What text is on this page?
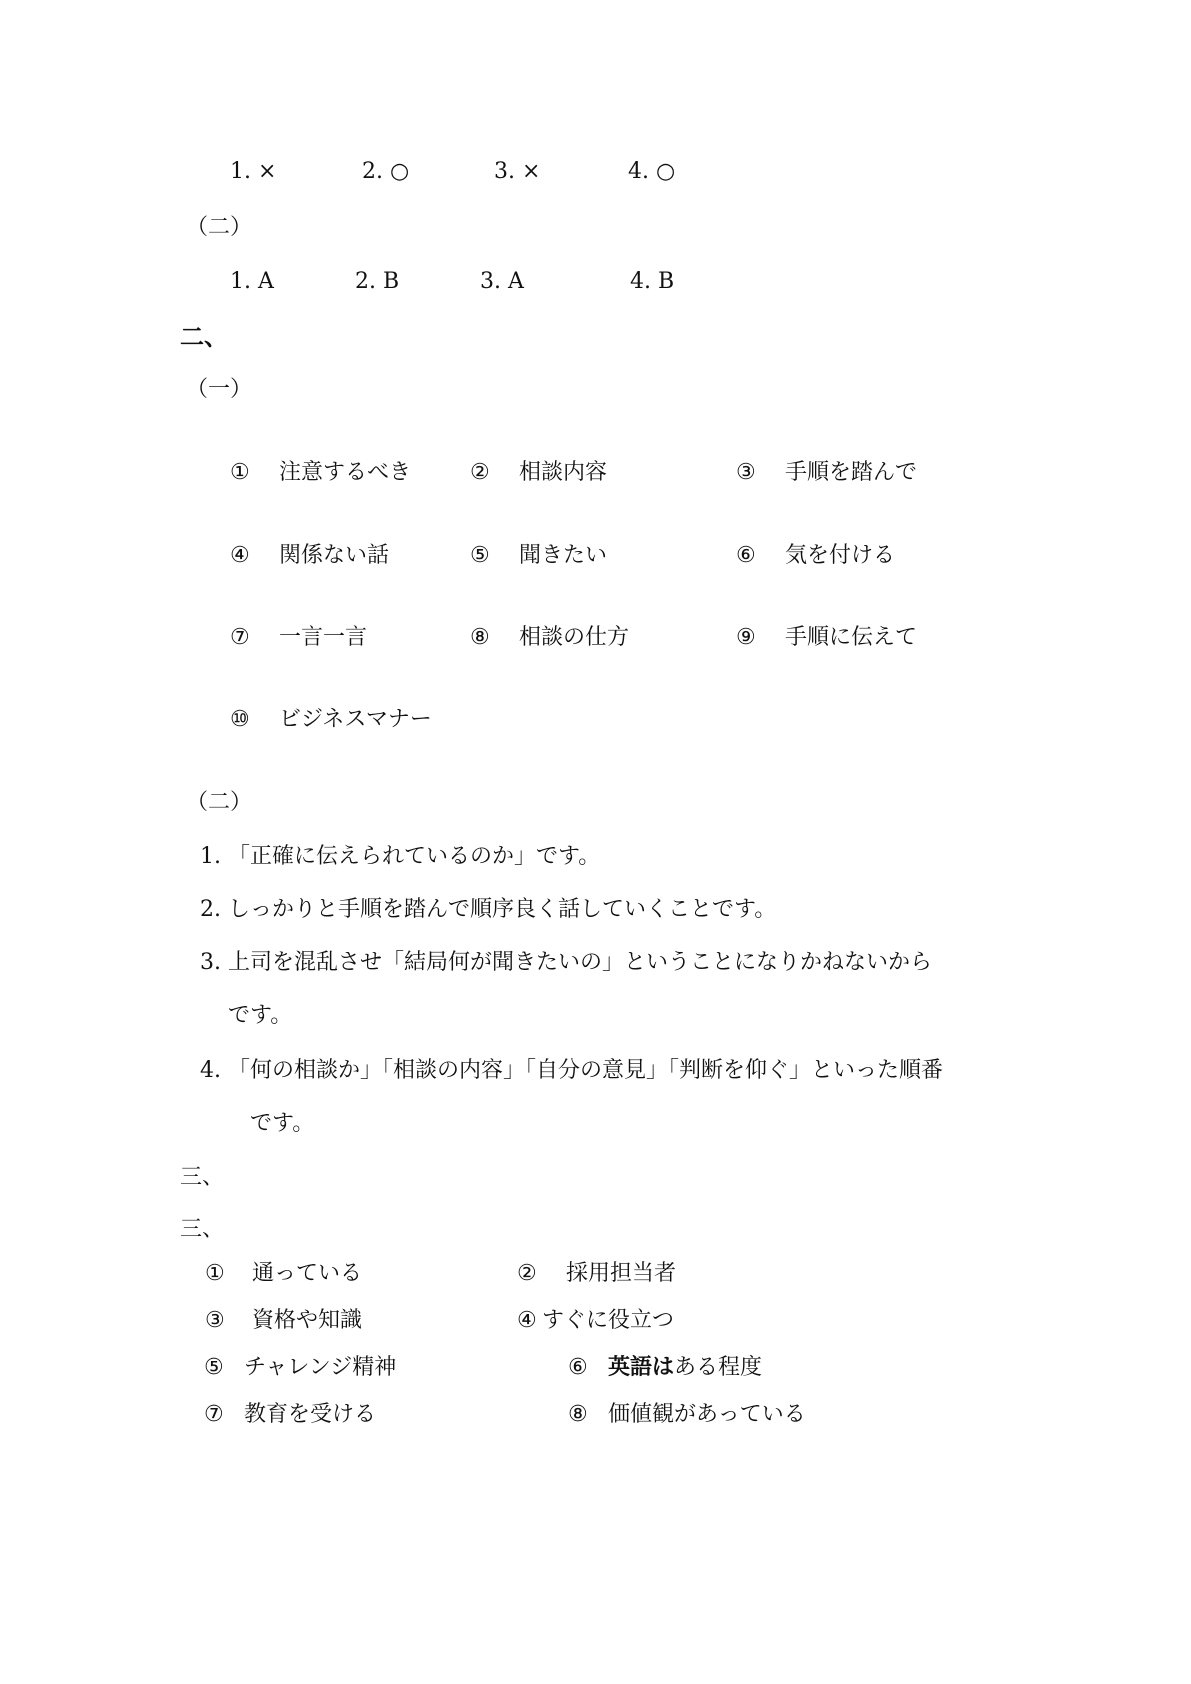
1. ×	2. ○	3. ×	4. ○
（二）
1. A	2. B	3. A	4. B
二、
（一）
① 注意するべき	② 相談内容	③ 手順を踏んで
④ 関係ない話	⑤ 聞きたい	⑥ 気を付ける
⑦ 一言一言	⑧ 相談の仕方	⑨ 手順に伝えて
⑩ ビジネスマナー
（二）
1. 「正確に伝えられているのか」です。
2. しっかりと手順を踏んで順序良く話していくことです。
3. 上司を混乱させ「結局何が聞きたいの」ということになりかねないから
です。
4. 「何の相談か」「相談の内容」「自分の意見」「判断を仰ぐ」といった順番
です。
三、
三、
① 通っている	② 採用担当者
③ 資格や知識	④ すぐに役立つ
⑤ チャレンジ精神	⑥ 英語はある程度
⑦ 教育を受ける	⑧ 価値観があっている
